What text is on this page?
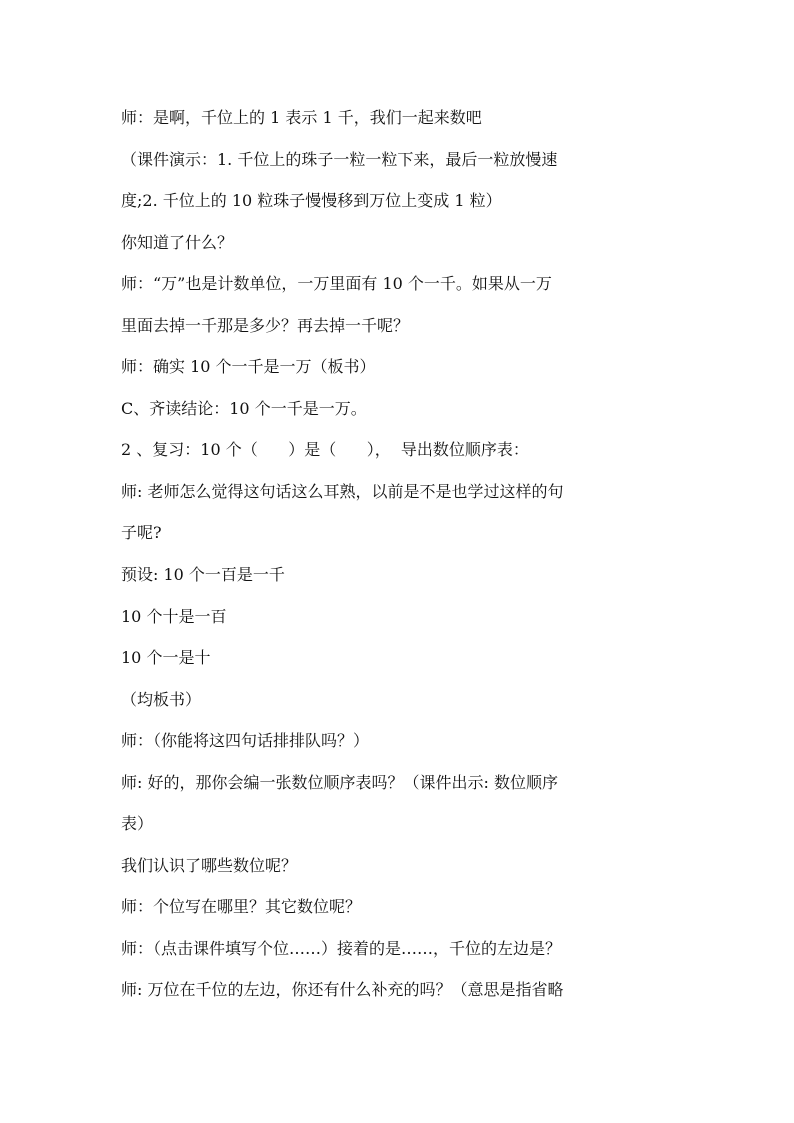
师：是啊，千位上的 1 表示 1 千，我们一起来数吧
（课件演示：1. 千位上的珠子一粒一粒下来，最后一粒放慢速
度;2. 千位上的 10 粒珠子慢慢移到万位上变成 1 粒）
你知道了什么？
师：“万”也是计数单位，一万里面有 10 个一千。如果从一万
里面去掉一千那是多少？再去掉一千呢？
师：确实 10 个一千是一万（板书）
C、齐读结论：10 个一千是一万。
2 、复习：10 个（      ）是（      ），  导出数位顺序表：
师: 老师怎么觉得这句话这么耳熟，以前是不是也学过这样的句
子呢?
预设: 10 个一百是一千
10 个十是一百
10 个一是十
（均板书）
师：（你能将这四句话排排队吗？）
师: 好的，那你会编一张数位顺序表吗？（课件出示: 数位顺序
表）
我们认识了哪些数位呢？
师：个位写在哪里？其它数位呢？
师：（点击课件填写个位……）接着的是……，千位的左边是？
师: 万位在千位的左边，你还有什么补充的吗？（意思是指省略
